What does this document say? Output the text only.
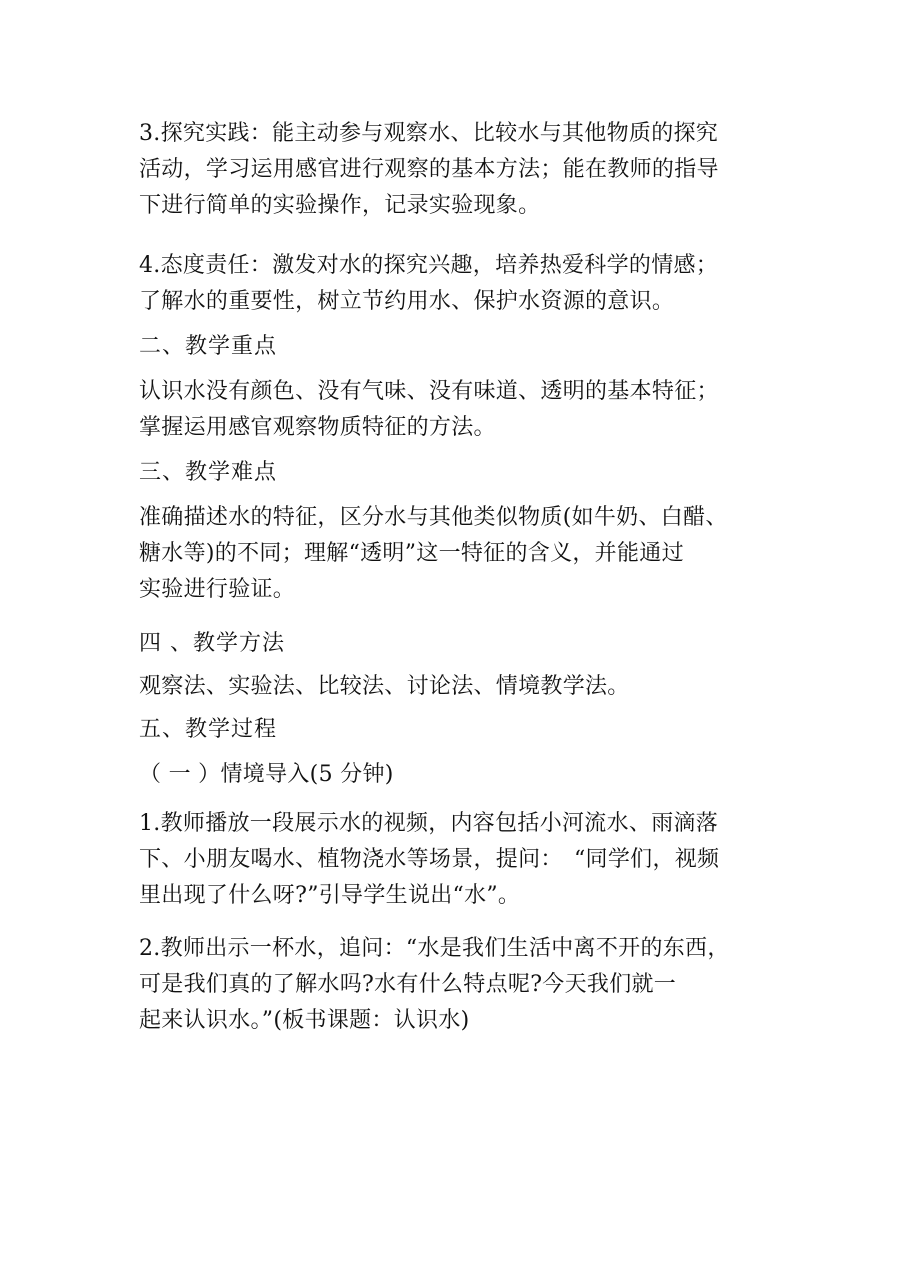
3.探究实践：能主动参与观察水、比较水与其他物质的探究
活动，学习运用感官进行观察的基本方法；能在教师的指导
下进行简单的实验操作，记录实验现象。
4.态度责任：激发对水的探究兴趣，培养热爱科学的情感；
了解水的重要性，树立节约用水、保护水资源的意识。
二、教学重点
认识水没有颜色、没有气味、没有味道、透明的基本特征；
掌握运用感官观察物质特征的方法。
三、教学难点
准确描述水的特征，区分水与其他类似物质(如牛奶、白醋、
糖水等)的不同；理解“透明”这一特征的含义，并能通过
实验进行验证。
四 、教学方法
观察法、实验法、比较法、讨论法、情境教学法。
五、教学过程
（ 一 ）情境导入(5 分钟)
1.教师播放一段展示水的视频，内容包括小河流水、雨滴落
下、小朋友喝水、植物浇水等场景，提问：　“同学们，视频
里出现了什么呀?”引导学生说出“水”。
2.教师出示一杯水，追问：“水是我们生活中离不开的东西，
可是我们真的了解水吗?水有什么特点呢?今天我们就一
起来认识水。”(板书课题：认识水)
